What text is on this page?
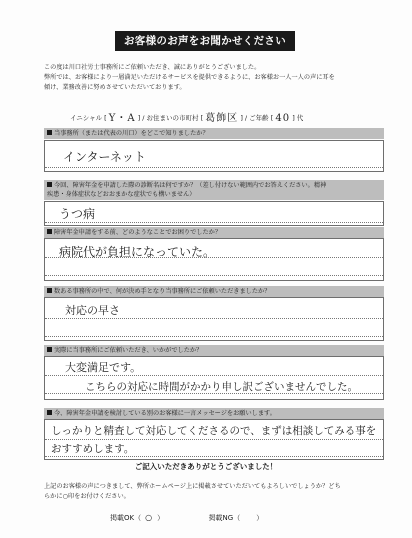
お客様のお声をお聞かせください

この度は川口社労士事務所にご依頼いただき、誠にありがとうございました。

弊所では、お客様により一層満足いただけるサービスを提供できるように、お客様お一人一人の声に耳を

傾け、業務改善に努めさせていただいております。

イニシャル [ Y・A ] / お住まいの市町村 [ 葛飾区 ] / ご年齢 [ 40 ] 代
当事務所（または代表の川口）をどこで知りましたか？
インターネット
今回、障害年金を申請した際の診断名は何ですか？（差し付けない範囲内でお答えください。精神
疾患・身体症状などおおまかな症状でも構いません）
うつ病
障害年金申請をする前、どのようなことでお困りでしたか？
病院代が負担になっていた。
数ある事務所の中で、何が決め手となり当事務所にご依頼いただきましたか？
対応の早さ
実際に当事務所にご依頼いただき、いかがでしたか？
大変満足です。
こちらの対応に時間がかかり申し訳ございませんでした。
今、障害年金申請を検討している別のお客様に一言メッセージをお願いします。
しっかりと精査して対応してくださるので、まずは相談してみる事を
おすすめします。
ご記入いただきありがとうございました！

上記のお客様の声につきまして、弊所ホームページ上に掲載させていただいてもよろしいでしょうか？どち

らかに○印をお付けください。

掲載OK（ ○ ）	掲載NG（ ）
